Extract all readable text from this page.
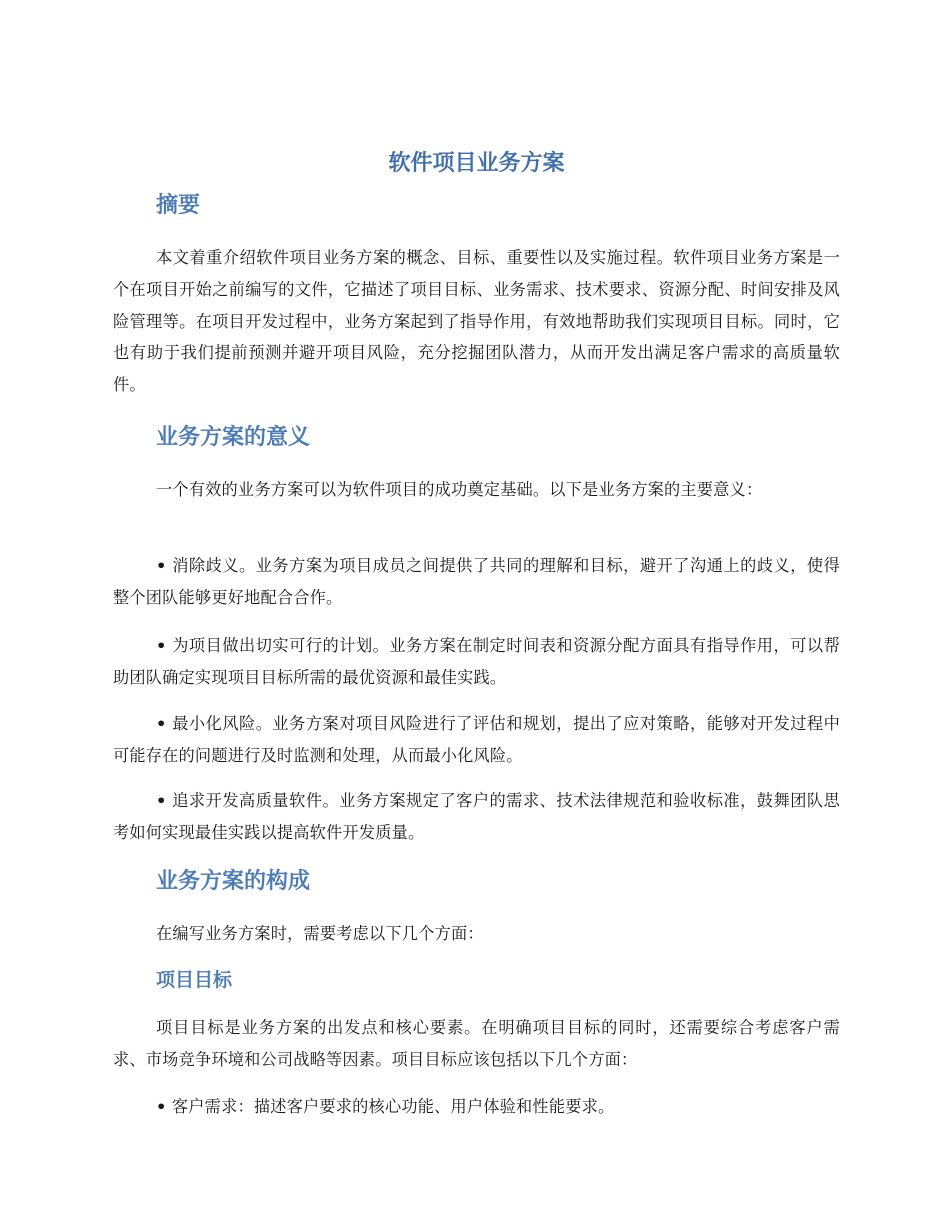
软件项目业务方案
摘要

本文着重介绍软件项目业务方案的概念、目标、重要性以及实施过程。软件项目业务方案是一个在项目开始之前编写的文件，它描述了项目目标、业务需求、技术要求、资源分配、时间安排及风险管理等。在项目开发过程中，业务方案起到了指导作用，有效地帮助我们实现项目目标。同时，它也有助于我们提前预测并避开项目风险，充分挖掘团队潜力，从而开发出满足客户需求的高质量软件。

业务方案的意义

一个有效的业务方案可以为软件项目的成功奠定基础。以下是业务方案的主要意义：

• 消除歧义。业务方案为项目成员之间提供了共同的理解和目标，避开了沟通上的歧义，使得整个团队能够更好地配合合作。

• 为项目做出切实可行的计划。业务方案在制定时间表和资源分配方面具有指导作用，可以帮助团队确定实现项目目标所需的最优资源和最佳实践。

• 最小化风险。业务方案对项目风险进行了评估和规划，提出了应对策略，能够对开发过程中可能存在的问题进行及时监测和处理，从而最小化风险。

• 追求开发高质量软件。业务方案规定了客户的需求、技术法律规范和验收标准，鼓舞团队思考如何实现最佳实践以提高软件开发质量。

业务方案的构成

在编写业务方案时，需要考虑以下几个方面：

项目目标

项目目标是业务方案的出发点和核心要素。在明确项目目标的同时，还需要综合考虑客户需求、市场竞争环境和公司战略等因素。项目目标应该包括以下几个方面：

• 客户需求：描述客户要求的核心功能、用户体验和性能要求。
